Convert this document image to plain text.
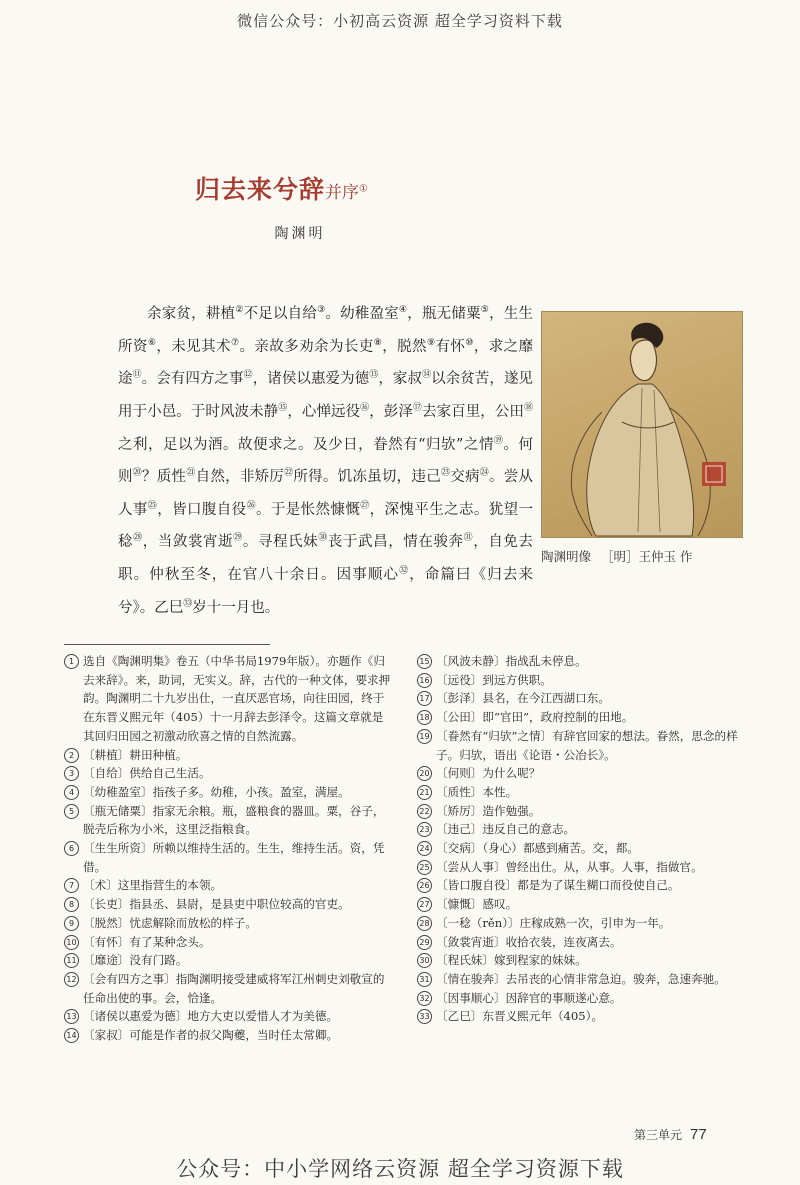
微信公众号：小初高云资源 超全学习资料下载
归去来兮辞并序①
陶渊明
余家贫，耕植②不足以自给③。幼稚盈室④，瓶无储粟⑤，生生所资⑥，未见其术⑦。亲故多劝余为长吏⑧，脱然⑨有怀⑩，求之靡途⑪。会有四方之事⑫，诸侯以惠爱为德⑬，家叔⑭以余贫苦，遂见用于小邑。于时风波未静⑮，心惮远役⑯，彭泽⑰去家百里，公田⑱之利，足以为酒。故便求之。及少日，眷然有“归欤”之情⑲。何则⑳？质性$^㉑$自然，非矫厉$^㉒$所得。饥冻虽切，违己$^㉓$交病$^㉔$。尝从人事$^㉕$，皆口腹自役$^㉖$。于是怅然慷慨$^㉗$，深愧平生之志。犹望一稔$^㉘$，当敛裳宵逝$^㉙$。寻程氏妹$^㉚$丧于武昌，情在骏奔$^㉛$，自免去职。仲秋至冬，在官八十余日。因事顺心$^㉜$，命篇曰《归去来兮》。乙巳$^㉝$岁十一月也。
陶渊明像 ［明］王仲玉 作
1 选自《陶渊明集》卷五（中华书局1979年版）。亦题作《归去来辞》。来，助词，无实义。辞，古代的一种文体，要求押韵。陶渊明二十九岁出仕，一直厌恶官场，向往田园，终于在东晋义熙元年（405）十一月辞去彭泽令。这篇文章就是其回归田园之初激动欣喜之情的自然流露。
2 〔耕植〕耕田种植。
3 〔自给〕供给自己生活。
4 〔幼稚盈室〕指孩子多。幼稚，小孩。盈室，满屋。
5 〔瓶无储粟〕指家无余粮。瓶，盛粮食的器皿。粟，谷子，脱壳后称为小米，这里泛指粮食。
6 〔生生所资〕所赖以维持生活的。生生，维持生活。资，凭借。
7 〔术〕这里指营生的本领。
8 〔长吏〕指县丞、县尉，是县吏中职位较高的官吏。
9 〔脱然〕忧虑解除而放松的样子。
10 〔有怀〕有了某种念头。
11 〔靡途〕没有门路。
12 〔会有四方之事〕指陶渊明接受建威将军江州刺史刘敬宣的任命出使的事。会，恰逢。
13 〔诸侯以惠爱为德〕地方大吏以爱惜人才为美德。
14 〔家叔〕可能是作者的叔父陶夔，当时任太常卿。
15 〔风波未静〕指战乱未停息。
16 〔远役〕到远方供职。
17 〔彭泽〕县名，在今江西湖口东。
18 〔公田〕即“官田”，政府控制的田地。
19 〔眷然有“归欤”之情〕有辞官回家的想法。眷然，思念的样子。归欤，语出《论语・公冶长》。
20 〔何则〕为什么呢？
21 〔质性〕本性。
22 〔矫厉〕造作勉强。
23 〔违己〕违反自己的意志。
24 〔交病〕（身心）都感到痛苦。交，都。
25 〔尝从人事〕曾经出仕。从，从事。人事，指做官。
26 〔皆口腹自役〕都是为了谋生糊口而役使自己。
27 〔慷慨〕感叹。
28 〔一稔（rěn）〕庄稼成熟一次，引申为一年。
29 〔敛裳宵逝〕收拾衣装，连夜离去。
30 〔程氏妹〕嫁到程家的妹妹。
31 〔情在骏奔〕去吊丧的心情非常急迫。骏奔，急速奔驰。
32 〔因事顺心〕因辞官的事顺遂心意。
33 〔乙巳〕东晋义熙元年（405）。
第三单元 77
公众号：中小学网络云资源 超全学习资源下载
